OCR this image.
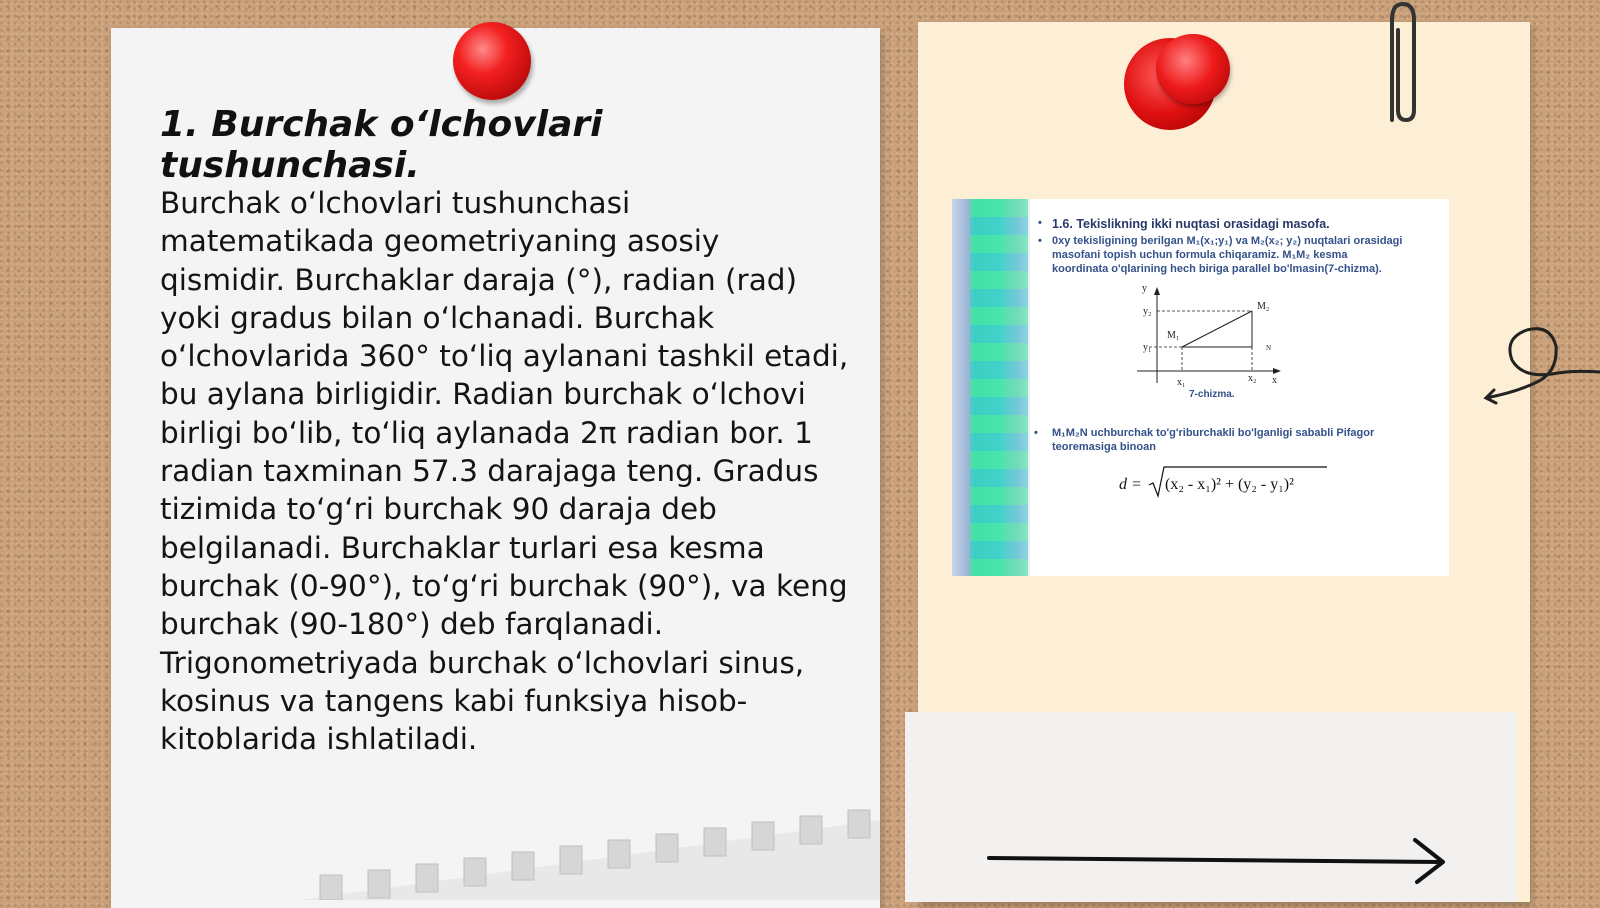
1. Burchak o‘lchovlari tushunchasi.
Burchak o‘lchovlari tushunchasi
matematikada geometriyaning asosiy
qismidir. Burchaklar daraja (°), radian (rad)
yoki gradus bilan o‘lchanadi. Burchak
o‘lchovlarida 360° to‘liq aylanani tashkil etadi,
bu aylana birligidir. Radian burchak o‘lchovi
birligi bo‘lib, to‘liq aylanada 2π radian bor. 1
radian taxminan 57.3 darajaga teng. Gradus
tizimida to‘g‘ri burchak 90 daraja deb
belgilanadi. Burchaklar turlari esa kesma
burchak (0-90°), to‘g‘ri burchak (90°), va keng
burchak (90-180°) deb farqlanadi.
Trigonometriyada burchak o‘lchovlari sinus,
kosinus va tangens kabi funksiya hisob-
kitoblarida ishlatiladi.
• 1.6. Tekislikning ikki nuqtasi orasidagi masofa.
• 0xy tekisligining berilgan M₁(x₁;y₁) va M₂(x₂; y₂) nuqtalari orasidagi
masofani topish uchun formula chiqaramiz. M₁M₂ kesma
koordinata o'qlarining hech biriga parallel bo'lmasin(7-chizma).
y
x
y₂
y₁
x₁	x₂
M₁
M₂
N
7-chizma.
• M₁M₂N uchburchak to'g'riburchakli bo'lganligi sababli Pifagor
teoremasiga binoan
d = (x₂ - x₁)² + (y₂ - y₁)²
